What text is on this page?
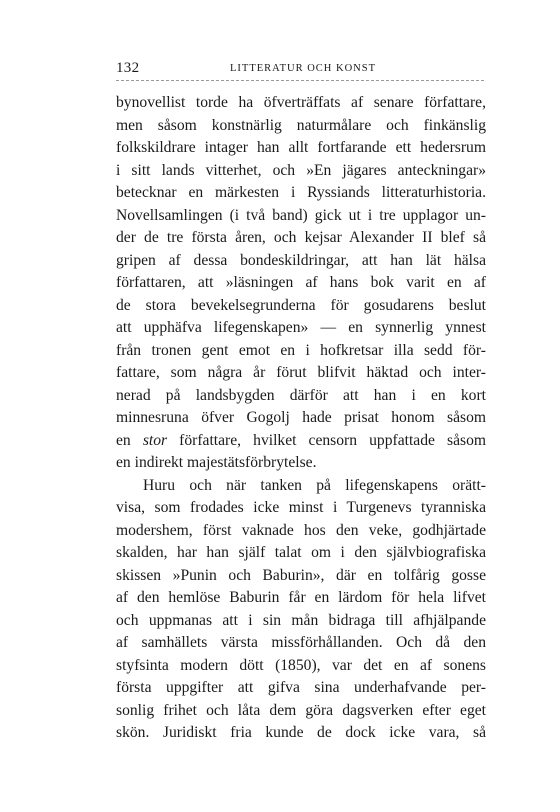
132	LITTERATUR OCH KONST
bynovellist torde ha öfverträffats af senare författare,
men såsom konstnärlig naturmålare och finkänslig
folkskildrare intager han allt fortfarande ett hedersrum
i sitt lands vitterhet, och »En jägares anteckningar»
betecknar en märkesten i Ryssiands litteraturhistoria.
Novellsamlingen (i två band) gick ut i tre upplagor un-
der de tre första åren, och kejsar Alexander II blef så
gripen af dessa bondeskildringar, att han lät hälsa
författaren, att »läsningen af hans bok varit en af
de stora bevekelsegrunderna för gosudarens beslut
att upphäfva lifegenskapen» — en synnerlig ynnest
från tronen gent emot en i hofkretsar illa sedd för-
fattare, som några år förut blifvit häktad och inter-
nerad på landsbygden därför att han i en kort
minnesruna öfver Gogolj hade prisat honom såsom
en stor författare, hvilket censorn uppfattade såsom
en indirekt majestätsförbrytelse.
Huru och när tanken på lifegenskapens orätt-
visa, som frodades icke minst i Turgenevs tyranniska
modershem, först vaknade hos den veke, godhjärtade
skalden, har han själf talat om i den självbiografiska
skissen »Punin och Baburin», där en tolfårig gosse
af den hemlöse Baburin får en lärdom för hela lifvet
och uppmanas att i sin mån bidraga till afhjälpande
af samhällets värsta missförhållanden. Och då den
styfsinta modern dött (1850), var det en af sonens
första uppgifter att gifva sina underhafvande per-
sonlig frihet och låta dem göra dagsverken efter eget
skön. Juridiskt fria kunde de dock icke vara, så
